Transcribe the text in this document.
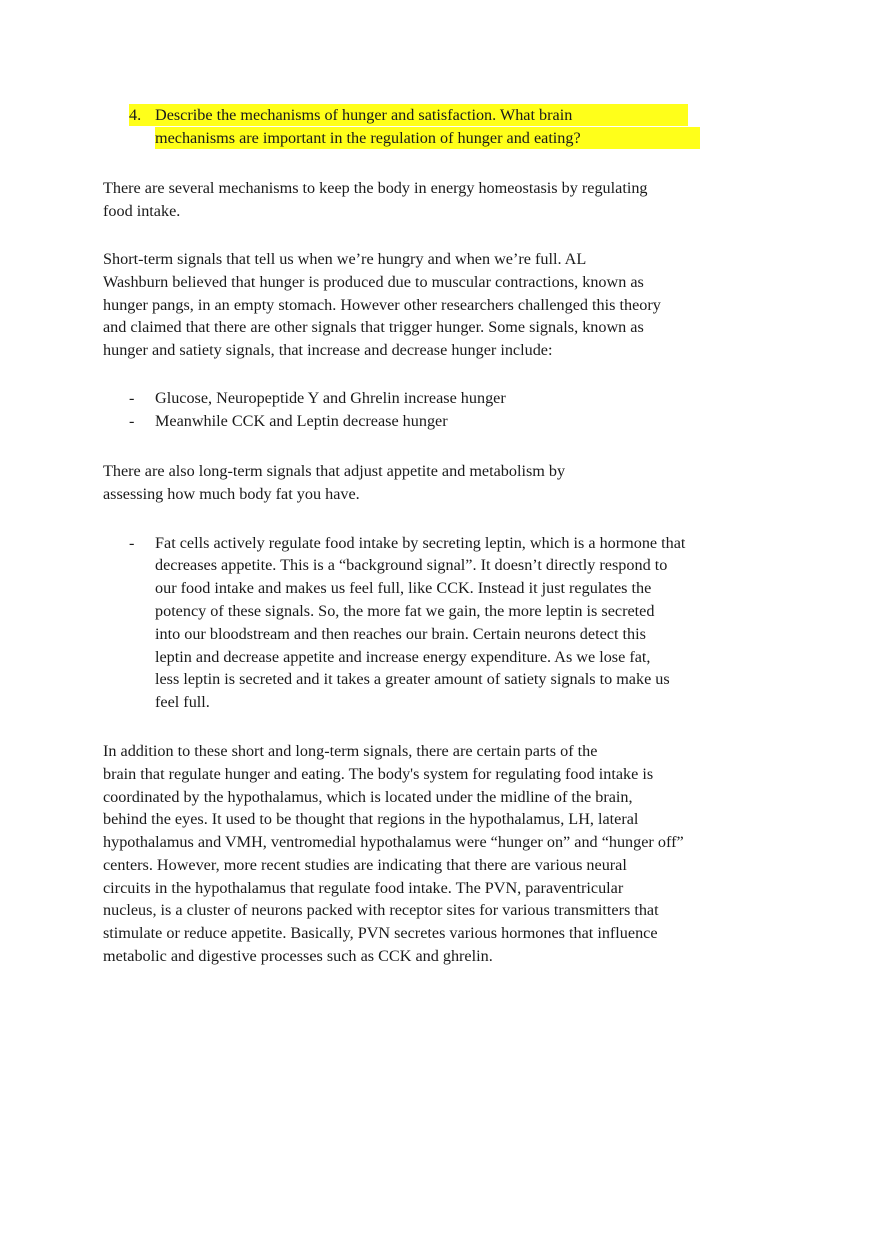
4. Describe the mechanisms of hunger and satisfaction. What brain
mechanisms are important in the regulation of hunger and eating?
There are several mechanisms to keep the body in energy homeostasis by regulating
food intake.
Short-term signals that tell us when we’re hungry and when we’re full. AL
Washburn believed that hunger is produced due to muscular contractions, known as
hunger pangs, in an empty stomach. However other researchers challenged this theory
and claimed that there are other signals that trigger hunger. Some signals, known as
hunger and satiety signals, that increase and decrease hunger include:
- Glucose, Neuropeptide Y and Ghrelin increase hunger
- Meanwhile CCK and Leptin decrease hunger
There are also long-term signals that adjust appetite and metabolism by
assessing how much body fat you have.
- Fat cells actively regulate food intake by secreting leptin, which is a hormone that
decreases appetite. This is a “background signal”. It doesn’t directly respond to
our food intake and makes us feel full, like CCK. Instead it just regulates the
potency of these signals. So, the more fat we gain, the more leptin is secreted
into our bloodstream and then reaches our brain. Certain neurons detect this
leptin and decrease appetite and increase energy expenditure. As we lose fat,
less leptin is secreted and it takes a greater amount of satiety signals to make us
feel full.
In addition to these short and long-term signals, there are certain parts of the
brain that regulate hunger and eating. The body's system for regulating food intake is
coordinated by the hypothalamus, which is located under the midline of the brain,
behind the eyes. It used to be thought that regions in the hypothalamus, LH, lateral
hypothalamus and VMH, ventromedial hypothalamus were “hunger on” and “hunger off”
centers. However, more recent studies are indicating that there are various neural
circuits in the hypothalamus that regulate food intake. The PVN, paraventricular
nucleus, is a cluster of neurons packed with receptor sites for various transmitters that
stimulate or reduce appetite. Basically, PVN secretes various hormones that influence
metabolic and digestive processes such as CCK and ghrelin.
